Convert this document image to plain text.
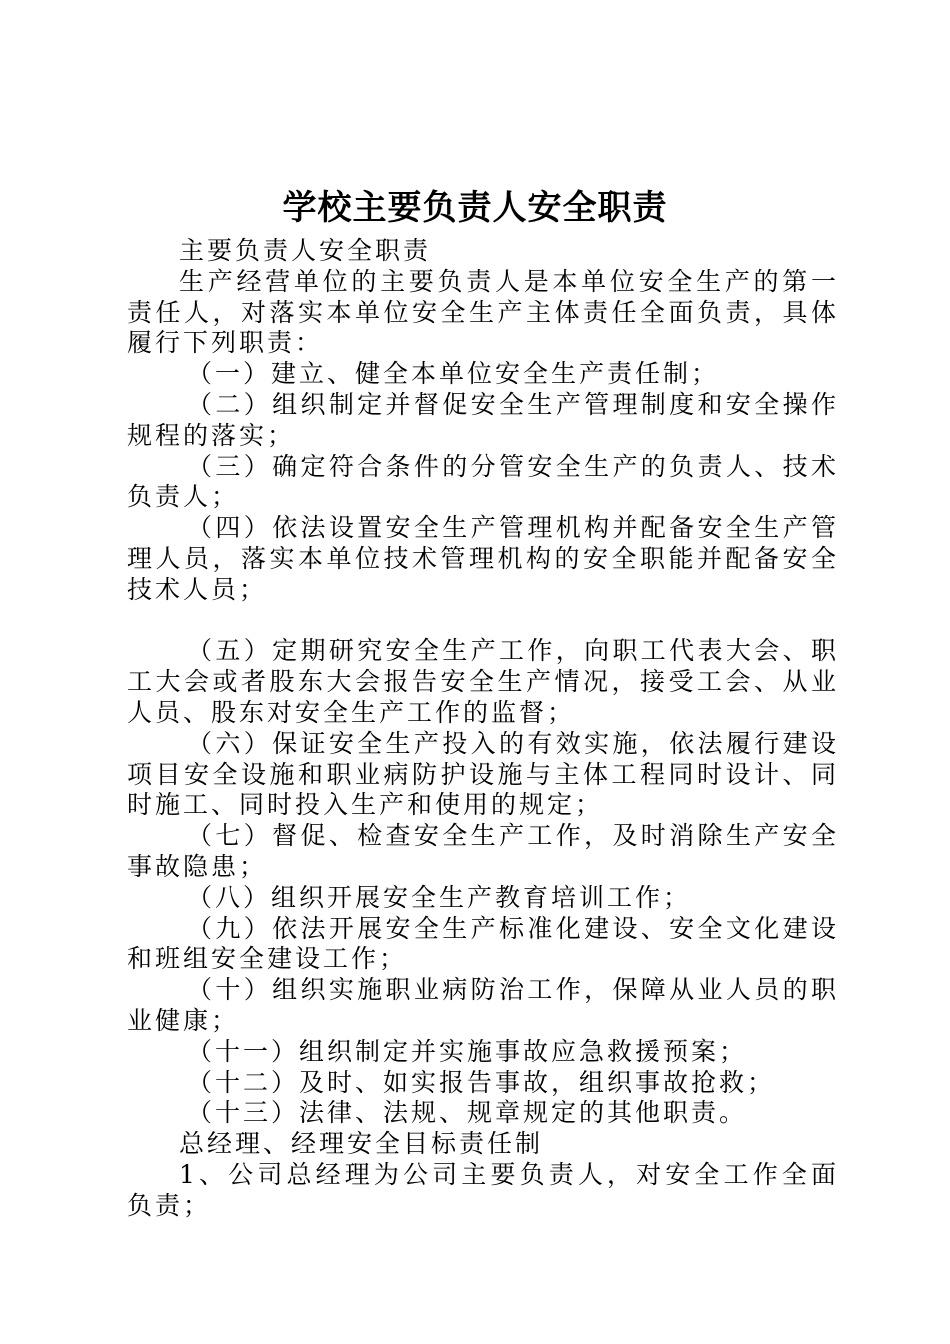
学校主要负责人安全职责

主要负责人安全职责

生产经营单位的主要负责人是本单位安全生产的第一责任人，对落实本单位安全生产主体责任全面负责，具体履行下列职责：

（一）建立、健全本单位安全生产责任制；

（二）组织制定并督促安全生产管理制度和安全操作规程的落实；

（三）确定符合条件的分管安全生产的负责人、技术负责人；

（四）依法设置安全生产管理机构并配备安全生产管理人员，落实本单位技术管理机构的安全职能并配备安全技术人员；

（五）定期研究安全生产工作，向职工代表大会、职工大会或者股东大会报告安全生产情况，接受工会、从业人员、股东对安全生产工作的监督；

（六）保证安全生产投入的有效实施，依法履行建设项目安全设施和职业病防护设施与主体工程同时设计、同时施工、同时投入生产和使用的规定；

（七）督促、检查安全生产工作，及时消除生产安全事故隐患；

（八）组织开展安全生产教育培训工作；

（九）依法开展安全生产标准化建设、安全文化建设和班组安全建设工作；

（十）组织实施职业病防治工作，保障从业人员的职业健康；

（十一）组织制定并实施事故应急救援预案；

（十二）及时、如实报告事故，组织事故抢救；

（十三）法律、法规、规章规定的其他职责。

总经理、经理安全目标责任制

1、公司总经理为公司主要负责人，对安全工作全面负责；
